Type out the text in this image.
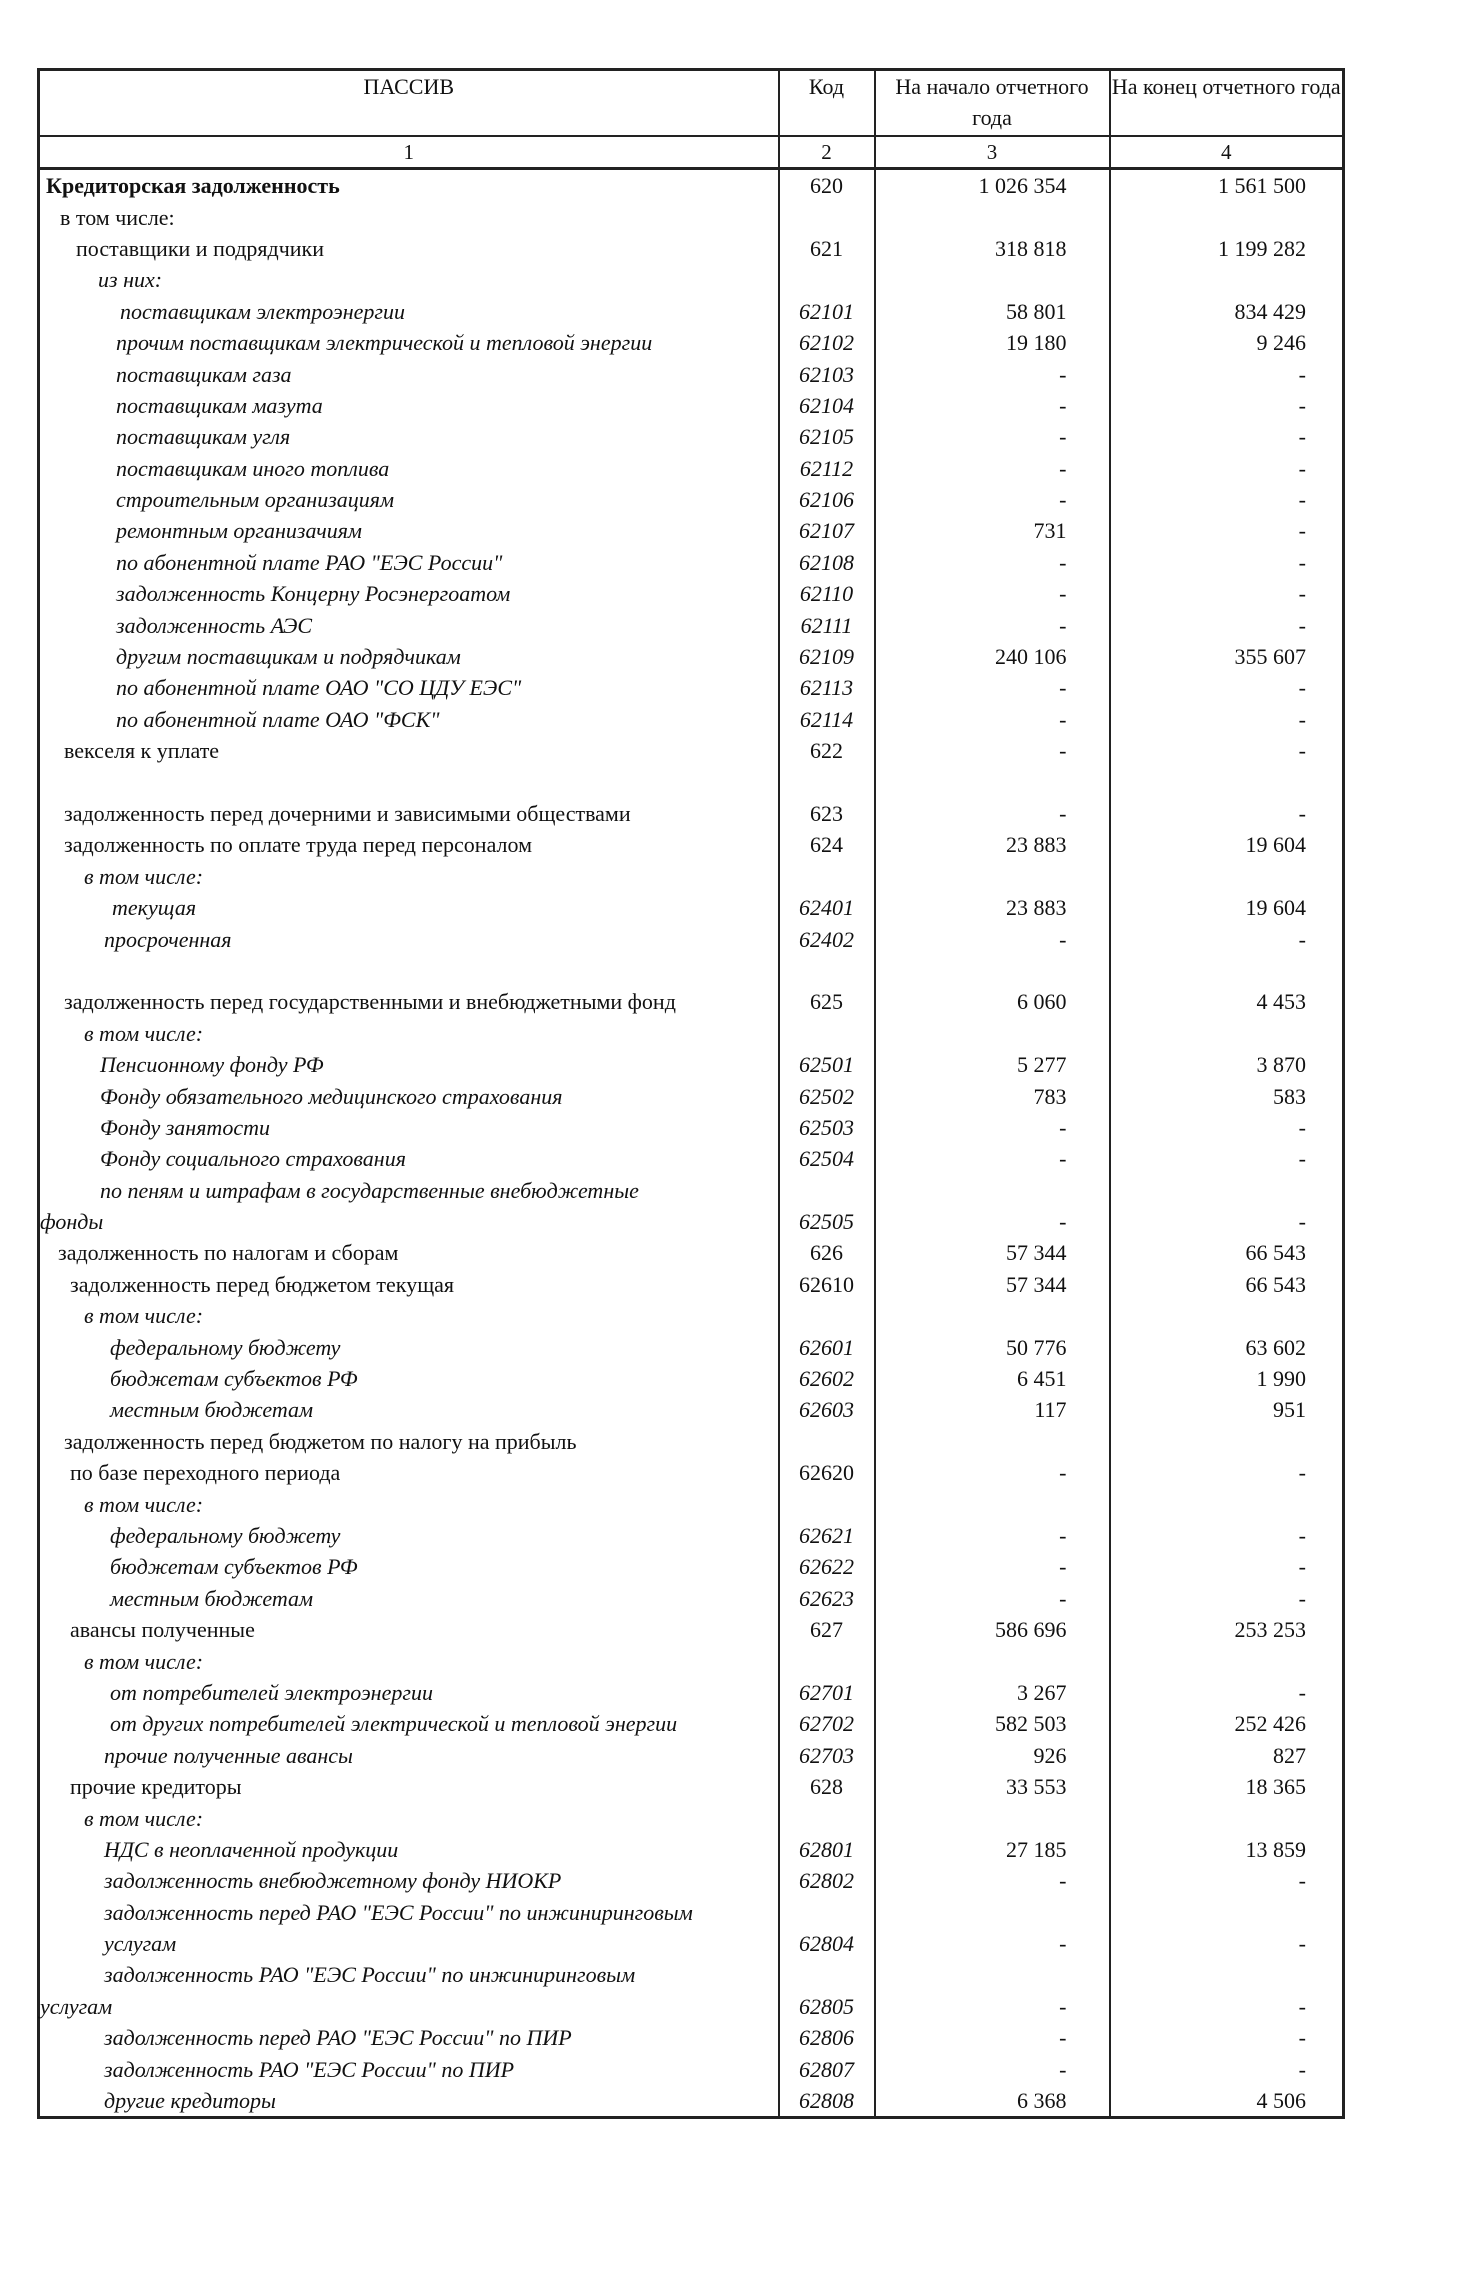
ПАССИВ	Код	На начало отчетного года	На конец отчетного года
1	2	3	4
Кредиторская задолженность	620	1 026 354	1 561 500
в том числе:			
поставщики и подрядчики	621	318 818	1 199 282
из них:			
поставщикам электроэнергии	62101	58 801	834 429
прочим поставщикам электрической и тепловой энергии	62102	19 180	9 246
поставщикам газа	62103	-	-
поставщикам мазута	62104	-	-
поставщикам угля	62105	-	-
поставщикам иного топлива	62112	-	-
строительным организациям	62106	-	-
ремонтным организачиям	62107	731	-
по абонентной плате РАО "ЕЭС России"	62108	-	-
задолженность Концерну Росэнергоатом	62110	-	-
задолженность АЭС	62111	-	-
другим поставщикам и подрядчикам	62109	240 106	355 607
по абонентной плате ОАО "СО ЦДУ ЕЭС"	62113	-	-
по абонентной плате ОАО "ФСК"	62114	-	-
векселя к уплате	622	-	-

задолженность перед дочерними и зависимыми обществами	623	-	-
задолженность по оплате труда перед персоналом	624	23 883	19 604
в том числе:			
текущая	62401	23 883	19 604
просроченная	62402	-	-

задолженность перед государственными и внебюджетными фонд	625	6 060	4 453
в том числе:			
Пенсионному фонду РФ	62501	5 277	3 870
Фонду обязательного медицинского страхования	62502	783	583
Фонду занятости	62503	-	-
Фонду социального страхования	62504	-	-
по пеням и штрафам в государственные внебюджетные			
фонды	62505	-	-
задолженность по налогам и сборам	626	57 344	66 543
задолженность перед бюджетом текущая	62610	57 344	66 543
в том числе:			
федеральному бюджету	62601	50 776	63 602
бюджетам субъектов РФ	62602	6 451	1 990
местным бюджетам	62603	117	951
задолженность перед бюджетом по налогу на прибыль			
по базе переходного периода	62620	-	-
в том числе:			
федеральному бюджету	62621	-	-
бюджетам субъектов РФ	62622	-	-
местным бюджетам	62623	-	-
авансы полученные	627	586 696	253 253
в том числе:			
от потребителей электроэнергии	62701	3 267	-
от других потребителей электрической и тепловой энергии	62702	582 503	252 426
прочие полученные авансы	62703	926	827
прочие кредиторы	628	33 553	18 365
в том числе:			
НДС в неоплаченной продукции	62801	27 185	13 859
задолженность внебюджетному фонду НИОКР	62802	-	-
задолженность перед РАО "ЕЭС России" по инжиниринговым			
услугам	62804	-	-
задолженность РАО "ЕЭС России" по инжиниринговым			
услугам	62805	-	-
задолженность перед РАО "ЕЭС России" по ПИР	62806	-	-
задолженность РАО "ЕЭС России" по ПИР	62807	-	-
другие кредиторы	62808	6 368	4 506
